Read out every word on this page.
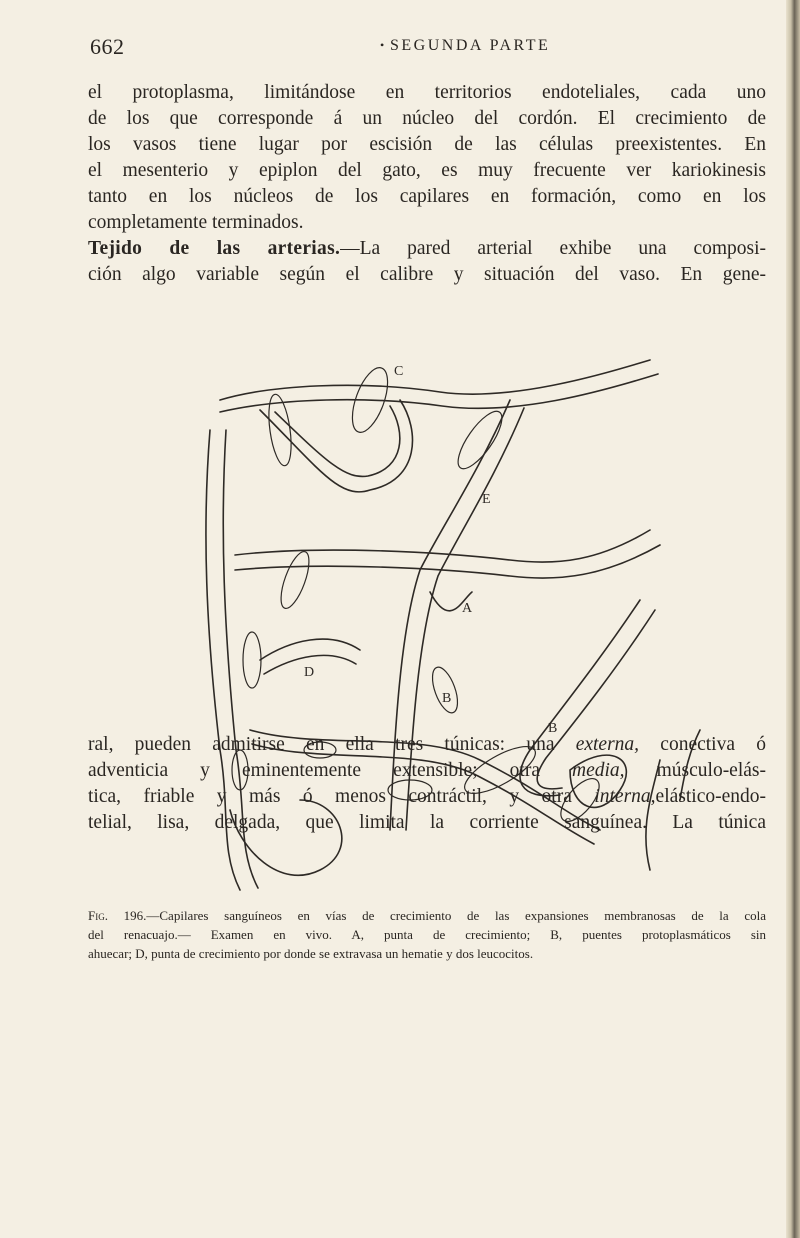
662	• SEGUNDA PARTE
el protoplasma, limitándose en territorios endoteliales, cada uno
de los que corresponde á un núcleo del cordón. El crecimiento de
los vasos tiene lugar por escisión de las células preexistentes. En
el mesenterio y epiplon del gato, es muy frecuente ver kariokinesis
tanto en los núcleos de los capilares en formación, como en los
completamente terminados.
Tejido de las arterias.—La pared arterial exhibe una composi-
ción algo variable según el calibre y situación del vaso. En gene-
A
B
B
C
D
E
Fig. 196.—Capilares sanguíneos en vías de crecimiento de las expansiones membranosas de la cola
del renacuajo.— Examen en vivo. A, punta de crecimiento; B, puentes protoplasmáticos sin
ahuecar; D, punta de crecimiento por donde se extravasa un hematie y dos leucocitos.
ral, pueden admitirse en ella tres túnicas: una externa, conectiva ó
adventicia y eminentemente extensible; otra media, músculo-elás-
tica, friable y más ó menos contráctil, y otra interna,elástico-endo-
telial, lisa, delgada, que limita la corriente sanguínea. La túnica
